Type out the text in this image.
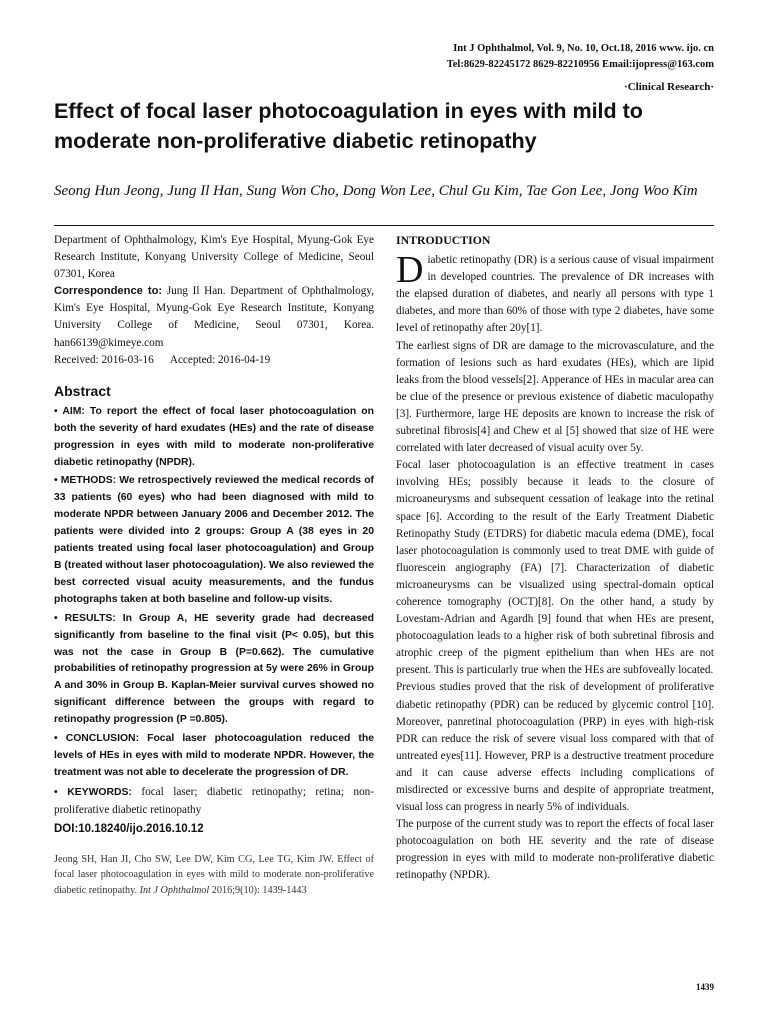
Int J Ophthalmol, Vol. 9, No. 10, Oct.18, 2016 www. ijo. cn
Tel:8629-82245172 8629-82210956 Email:ijopress@163.com
·Clinical Research·
Effect of focal laser photocoagulation in eyes with mild to moderate non-proliferative diabetic retinopathy
Seong Hun Jeong, Jung Il Han, Sung Won Cho, Dong Won Lee, Chul Gu Kim, Tae Gon Lee, Jong Woo Kim

Department of Ophthalmology, Kim's Eye Hospital, Myung-Gok Eye Research Institute, Konyang University College of Medicine, Seoul 07301, Korea

Correspondence to: Jung Il Han. Department of Ophthalmology, Kim's Eye Hospital, Myung-Gok Eye Research Institute, Konyang University College of Medicine, Seoul 07301, Korea. han66139@kimeye.com

Received: 2016-03-16      Accepted: 2016-04-19

Abstract

• AIM: To report the effect of focal laser photocoagulation on both the severity of hard exudates (HEs) and the rate of disease progression in eyes with mild to moderate non-proliferative diabetic retinopathy (NPDR).

• METHODS: We retrospectively reviewed the medical records of 33 patients (60 eyes) who had been diagnosed with mild to moderate NPDR between January 2006 and December 2012. The patients were divided into 2 groups: Group A (38 eyes in 20 patients treated using focal laser photocoagulation) and Group B (treated without laser photocoagulation). We also reviewed the best corrected visual acuity measurements, and the fundus photographs taken at both baseline and follow-up visits.

• RESULTS: In Group A, HE severity grade had decreased significantly from baseline to the final visit (P< 0.05), but this was not the case in Group B (P=0.662). The cumulative probabilities of retinopathy progression at 5y were 26% in Group A and 30% in Group B. Kaplan-Meier survival curves showed no significant difference between the groups with regard to retinopathy progression (P =0.805).

• CONCLUSION: Focal laser photocoagulation reduced the levels of HEs in eyes with mild to moderate NPDR. However, the treatment was not able to decelerate the progression of DR.

• KEYWORDS: focal laser; diabetic retinopathy; retina; non-proliferative diabetic retinopathy

DOI:10.18240/ijo.2016.10.12
Jeong SH, Han JI, Cho SW, Lee DW, Kim CG, Lee TG, Kim JW. Effect of focal laser photocoagulation in eyes with mild to moderate non-proliferative diabetic retinopathy. Int J Ophthalmol 2016;9(10): 1439-1443
INTRODUCTION

Diabetic retinopathy (DR) is a serious cause of visual impairment in developed countries. The prevalence of DR increases with the elapsed duration of diabetes, and nearly all persons with type 1 diabetes, and more than 60% of those with type 2 diabetes, have some level of retinopathy after 20y[1].

The earliest signs of DR are damage to the microvasculature, and the formation of lesions such as hard exudates (HEs), which are lipid leaks from the blood vessels[2]. Apperance of HEs in macular area can be clue of the presence or previous existence of diabetic maculopathy [3]. Furthermore, large HE deposits are known to increase the risk of subretinal fibrosis[4] and Chew et al [5] showed that size of HE were correlated with later decreased of visual acuity over 5y.

Focal laser photocoagulation is an effective treatment in cases involving HEs; possibly because it leads to the closure of microaneurysms and subsequent cessation of leakage into the retinal space [6]. According to the result of the Early Treatment Diabetic Retinopathy Study (ETDRS) for diabetic macula edema (DME), focal laser photocoagulation is commonly used to treat DME with guide of fluorescein angiography (FA) [7]. Characterization of diabetic microaneurysms can be visualized using spectral-domain optical coherence tomography (OCT)[8]. On the other hand, a study by Lovestam-Adrian and Agardh [9] found that when HEs are present, photocoagulation leads to a higher risk of both subretinal fibrosis and atrophic creep of the pigment epithelium than when HEs are not present. This is particularly true when the HEs are subfoveally located.

Previous studies proved that the risk of development of proliferative diabetic retinopathy (PDR) can be reduced by glycemic control [10]. Moreover, panretinal photocoagulation (PRP) in eyes with high-risk PDR can reduce the risk of severe visual loss compared with that of untreated eyes[11]. However, PRP is a destructive treatment procedure and it can cause adverse effects including complications of misdirected or excessive burns and despite of appropriate treatment, visual loss can progress in nearly 5% of individuals.

The purpose of the current study was to report the effects of focal laser photocoagulation on both HE severity and the rate of disease progression in eyes with mild to moderate non-proliferative diabetic retinopathy (NPDR).

1439
